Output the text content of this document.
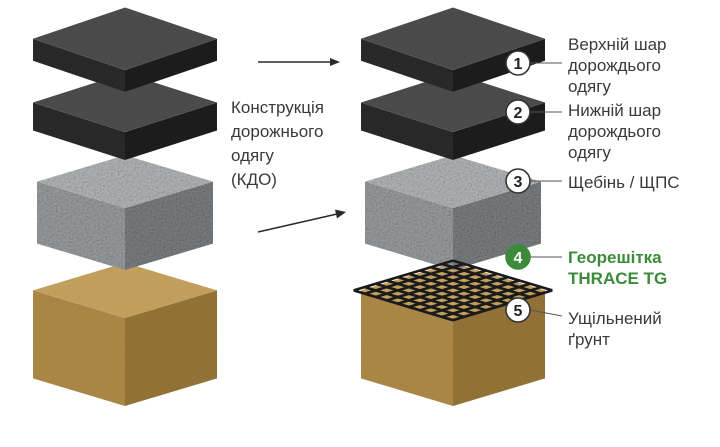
1
2
3
4
5
Конструкція
дорожнього
одягу
(КДО)
Верхній шар
дорождього
одягу
Нижній шар
дорождього
одягу
Щебінь / ЩПС
Георешітка
THRACE TG
Ущільнений
ґрунт
